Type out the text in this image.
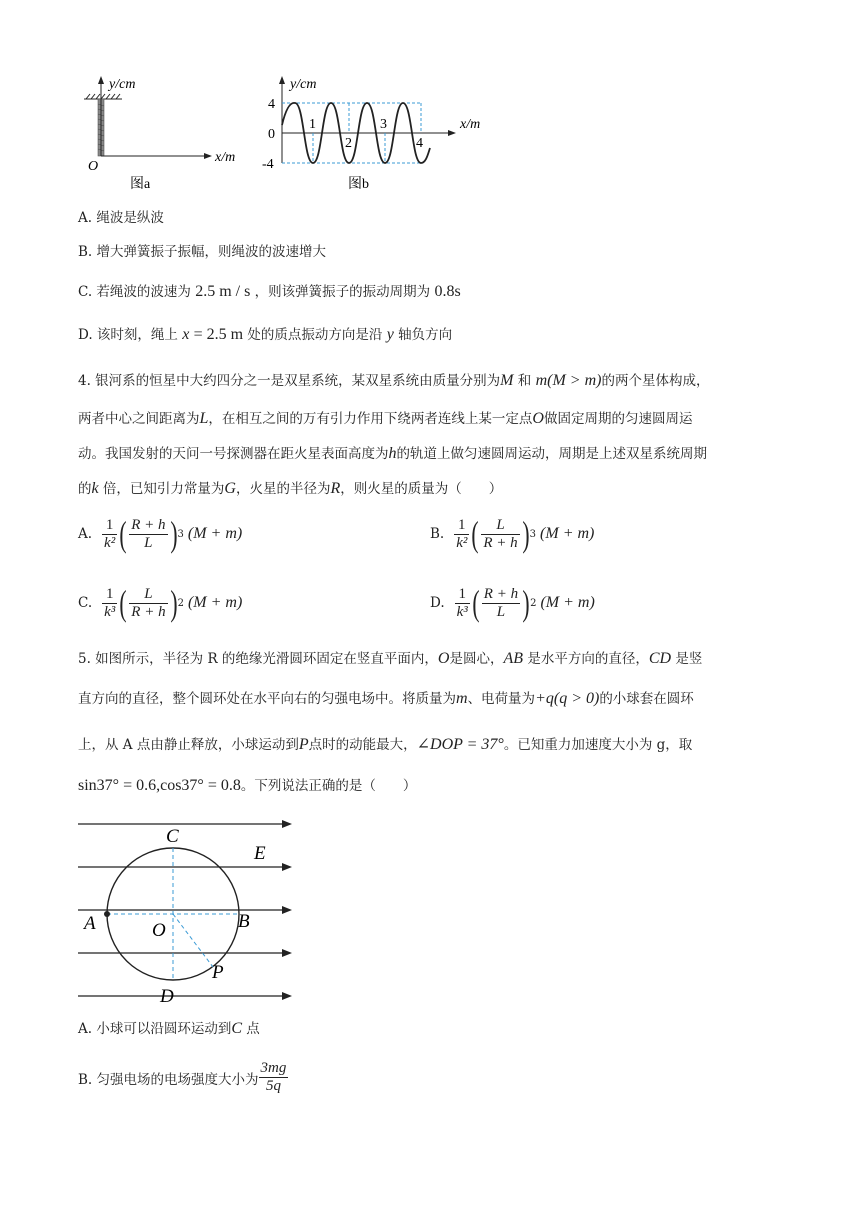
y/cm
x/m
O
图a
y/cm
x/m
4
0
-4
1
2
3
4
图b
A. 绳波是纵波
B. 增大弹簧振子振幅，则绳波的波速增大
C. 若绳波的波速为 2.5 m / s ，则该弹簧振子的振动周期为 0.8s
D. 该时刻，绳上 x = 2.5 m 处的质点振动方向是沿 y 轴负方向
4. 银河系的恒星中大约四分之一是双星系统，某双星系统由质量分别为M 和 m(M > m)的两个星体构成，
两者中心之间距离为L，在相互之间的万有引力作用下绕两者连线上某一定点O做固定周期的匀速圆周运
动。我国发射的天问一号探测器在距火星表面高度为h的轨道上做匀速圆周运动，周期是上述双星系统周期
的k 倍，已知引力常量为G，火星的半径为R，则火星的质量为（　　）
A. $\frac{1}{\text{k²}}$ ( $\frac{R + h}{L}$ ) 3 (M + m)	B. $\frac{1}{\text{k²}}$ ( $\frac{L}{R + h}$ ) 3 (M + m)
C. $\frac{1}{\text{k³}}$ ( $\frac{L}{R + h}$ ) 2 (M + m)	D. $\frac{1}{\text{k³}}$ ( $\frac{R + h}{L}$ ) 2 (M + m)
5. 如图所示，半径为 R 的绝缘光滑圆环固定在竖直平面内，O是圆心，AB 是水平方向的直径，CD 是竖
直方向的直径，整个圆环处在水平向右的匀强电场中。将质量为m、电荷量为+q(q > 0)的小球套在圆环
上，从 A 点由静止释放，小球运动到P点时的动能最大，∠DOP = 37°。已知重力加速度大小为 g，取
sin37° = 0.6,cos37° = 0.8。下列说法正确的是（　　）
C
E
A	B
O
P
D
A. 小球可以沿圆环运动到C 点
B. 匀强电场的电场强度大小为 $\frac{3mg}{5q}$
